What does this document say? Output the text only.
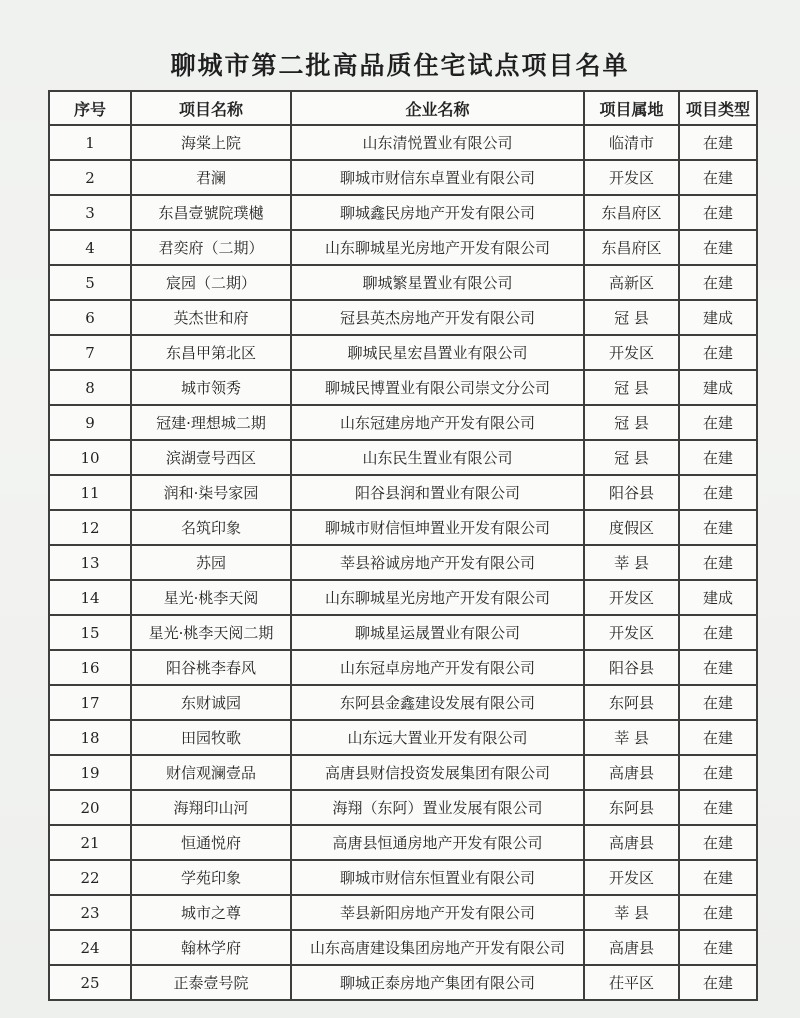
聊城市第二批高品质住宅试点项目名单
序号	项目名称	企业名称	项目属地	项目类型
1	海棠上院	山东清悦置业有限公司	临清市	在建
2	君澜	聊城市财信东卓置业有限公司	开发区	在建
3	东昌壹號院璞樾	聊城鑫民房地产开发有限公司	东昌府区	在建
4	君奕府（二期）	山东聊城星光房地产开发有限公司	东昌府区	在建
5	宸园（二期）	聊城繁星置业有限公司	高新区	在建
6	英杰世和府	冠县英杰房地产开发有限公司	冠 县	建成
7	东昌甲第北区	聊城民星宏昌置业有限公司	开发区	在建
8	城市领秀	聊城民博置业有限公司崇文分公司	冠 县	建成
9	冠建·理想城二期	山东冠建房地产开发有限公司	冠 县	在建
10	滨湖壹号西区	山东民生置业有限公司	冠 县	在建
11	润和·柒号家园	阳谷县润和置业有限公司	阳谷县	在建
12	名筑印象	聊城市财信恒坤置业开发有限公司	度假区	在建
13	苏园	莘县裕诚房地产开发有限公司	莘 县	在建
14	星光·桃李天阅	山东聊城星光房地产开发有限公司	开发区	建成
15	星光·桃李天阅二期	聊城星运晟置业有限公司	开发区	在建
16	阳谷桃李春风	山东冠卓房地产开发有限公司	阳谷县	在建
17	东财诚园	东阿县金鑫建设发展有限公司	东阿县	在建
18	田园牧歌	山东远大置业开发有限公司	莘 县	在建
19	财信观澜壹品	高唐县财信投资发展集团有限公司	高唐县	在建
20	海翔印山河	海翔（东阿）置业发展有限公司	东阿县	在建
21	恒通悦府	高唐县恒通房地产开发有限公司	高唐县	在建
22	学苑印象	聊城市财信东恒置业有限公司	开发区	在建
23	城市之尊	莘县新阳房地产开发有限公司	莘 县	在建
24	翰林学府	山东高唐建设集团房地产开发有限公司	高唐县	在建
25	正泰壹号院	聊城正泰房地产集团有限公司	茌平区	在建
